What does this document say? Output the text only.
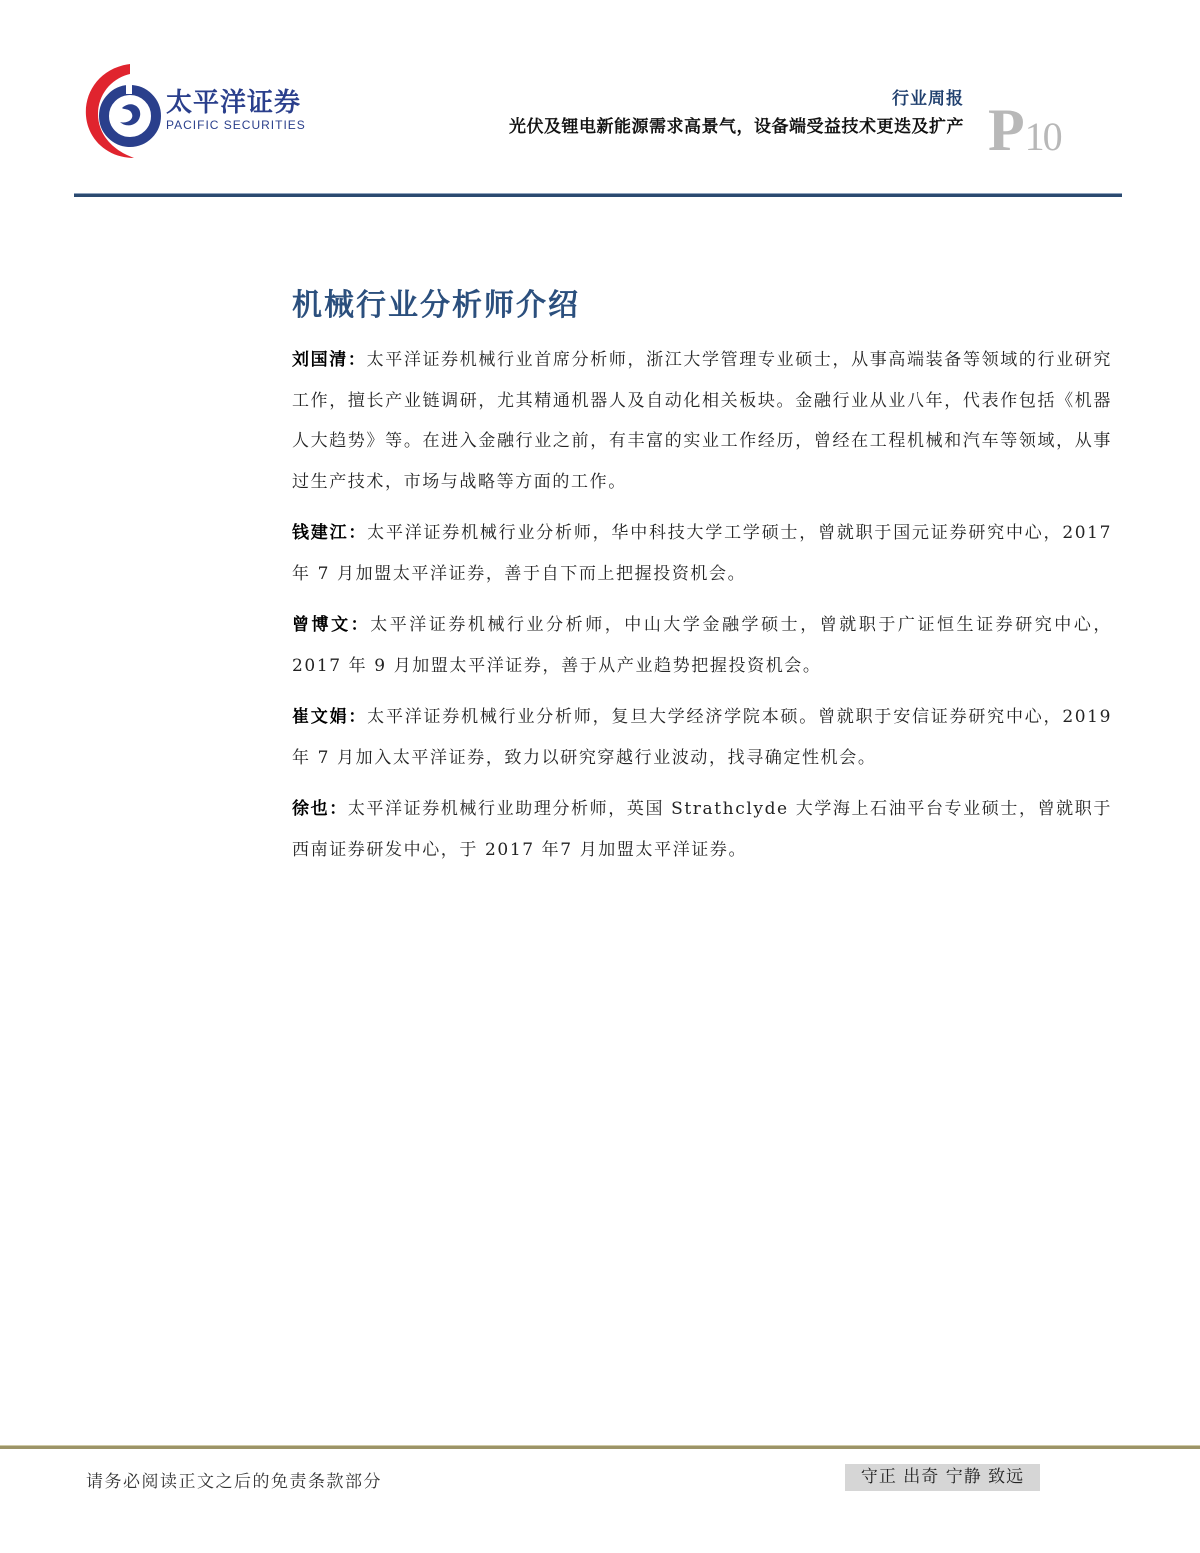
太平洋证券
PACIFIC SECURITIES
行业周报
光伏及锂电新能源需求高景气，设备端受益技术更迭及扩产 P 10
机械行业分析师介绍

刘国清：太平洋证券机械行业首席分析师，浙江大学管理专业硕士，从事高端装备等领域的行业研究工作，擅长产业链调研，尤其精通机器人及自动化相关板块。金融行业从业八年，代表作包括《机器人大趋势》等。在进入金融行业之前，有丰富的实业工作经历，曾经在工程机械和汽车等领域，从事过生产技术，市场与战略等方面的工作。

钱建江：太平洋证券机械行业分析师，华中科技大学工学硕士，曾就职于国元证券研究中心，2017 年 7 月加盟太平洋证券，善于自下而上把握投资机会。

曾博文：太平洋证券机械行业分析师，中山大学金融学硕士，曾就职于广证恒生证券研究中心，2017 年 9 月加盟太平洋证券，善于从产业趋势把握投资机会。

崔文娟：太平洋证券机械行业分析师，复旦大学经济学院本硕。曾就职于安信证券研究中心，2019 年 7 月加入太平洋证券，致力以研究穿越行业波动，找寻确定性机会。

徐也：太平洋证券机械行业助理分析师，英国 Strathclyde 大学海上石油平台专业硕士，曾就职于西南证券研发中心，于 2017 年7 月加盟太平洋证券。

请务必阅读正文之后的免责条款部分	守正 出奇 宁静 致远
